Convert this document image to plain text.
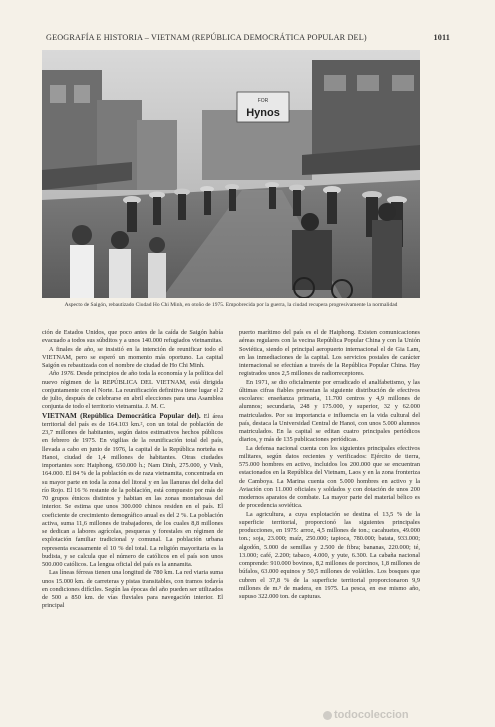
GEOGRAFÍA E HISTORIA – VIETNAM (REPÚBLICA DEMOCRÁTICA POPULAR DEL)	1011
FOR
Hynos
Aspecto de Saigón, rebautizado Ciudad Ho Chi Minh, en otoño de 1975. Empobrecida por la guerra, la ciudad recupera progresivamente la normalidad

ción de Estados Unidos, que poco antes de la caída de Saigón había evacuado a todos sus súbditos y a unos 140.000 refugiados vietnamitas.

A finales de año, se insistió en la intención de reunificar todo el VIETNAM, pero se esperó un momento más oportuno. La capital Saigón es rebautizada con el nombre de ciudad de Ho Chi Minh.

Año 1976. Desde principios de año toda la economía y la política del nuevo régimen de la REPÚBLICA DEL VIETNAM, está dirigida conjuntamente con el Norte. La reunificación definitiva tiene lugar el 2 de julio, después de celebrarse en abril elecciones para una Asamblea conjunta de todo el territorio vietnamita. J. M. C.

VIETNAM (República Democrática Popular del). El área territorial del país es de 164.103 km.², con un total de población de 23,7 millones de habitantes, según datos estimativos hechos públicos en febrero de 1975. En vigilias de la reunificación total del país, llevada a cabo en junio de 1976, la capital de la República norteña es Hanoi, ciudad de 1,4 millones de habitantes. Otras ciudades importantes son: Haiphong, 650.000 h.; Nam Dinh, 275.000, y Vinh, 164.000. El 84 % de la población es de raza vietnamita, concentrada en su mayor parte en toda la zona del litoral y en las llanuras del delta del río Rojo. El 16 % restante de la población, está compuesto por más de 70 grupos étnicos distintos y habitan en las zonas montañosas del interior. Se estima que unos 300.000 chinos residen en el país. El coeficiente de crecimiento demográfico anual es del 2 %. La población activa, suma 11,6 millones de trabajadores, de los cuales 8,8 millones se dedican a labores agrícolas, pesqueras y forestales en régimen de explotación familiar tradicional y comunal. La población urbana representa escasamente el 10 % del total. La religión mayoritaria es la budista, y se calcula que el número de católicos en el país son unos 500.000 católicos. La lengua oficial del país es la annamita.

Las líneas férreas tienen una longitud de 780 km. La red viaria suma unos 15.000 km. de carreteras y pistas transitables, con tramos todavía en condiciones difíciles. Según las épocas del año pueden ser utilizados de 500 a 850 km. de vías fluviales para navegación interior. El principal

puerto marítimo del país es el de Haiphong. Existen comunicaciones aéreas regulares con la vecina República Popular China y con la Unión Soviética, siendo el principal aeropuerto internacional el de Gia Lam, en las inmediaciones de la capital. Los servicios postales de carácter internacional se efectúan a través de la República Popular China. Hay registrados unos 2,5 millones de radiorreceptores.

En 1971, se dio oficialmente por erradicado el analfabetismo, y las últimas cifras fiables presentan la siguiente distribución de efectivos escolares: enseñanza primaria, 11.700 centros y 4,9 millones de alumnos; secundaria, 248 y 175.000, y superior, 32 y 62.000 matriculados. Por su importancia e influencia en la vida cultural del país, destaca la Universidad Central de Hanoi, con unos 5.000 alumnos matriculados. En la capital se editan cuatro principales periódicos diarios, y más de 135 publicaciones periódicas.

La defensa nacional cuenta con los siguientes principales efectivos militares, según datos recientes y verificados: Ejército de tierra, 575.000 hombres en activo, incluidos los 200.000 que se encuentran estacionados en la República del Vietnam, Laos y en la zona fronteriza de Camboya. La Marina cuenta con 5.000 hombres en activo y la Aviación con 11.000 oficiales y soldados y con dotación de unos 200 modernos aparatos de combate. La mayor parte del material bélico es de procedencia soviética.

La agricultura, a cuya explotación se destina el 13,5 % de la superficie territorial, proporcionó las siguientes principales producciones, en 1975: arroz, 4,5 millones de ton.; cacahuetes, 49.000 ton.; soja, 23.000; maíz, 250.000; tapioca, 780.000; batata, 933.000; algodón, 5.000 de semillas y 2.500 de fibra; bananas, 220.000; té, 13.000; café, 2.200; tabaco, 4.000, y yute, 6.300. La cabaña nacional comprende: 910.000 bovinos, 8,2 millones de porcinos, 1,8 millones de búfalos, 63.000 equinos y 50,5 millones de volátiles. Los bosques que cubren el 37,8 % de la superficie territorial proporcionaron 9,9 millones de m.³ de madera, en 1975. La pesca, en ese mismo año, supuso 322.000 ton. de capturas.

todocoleccion
